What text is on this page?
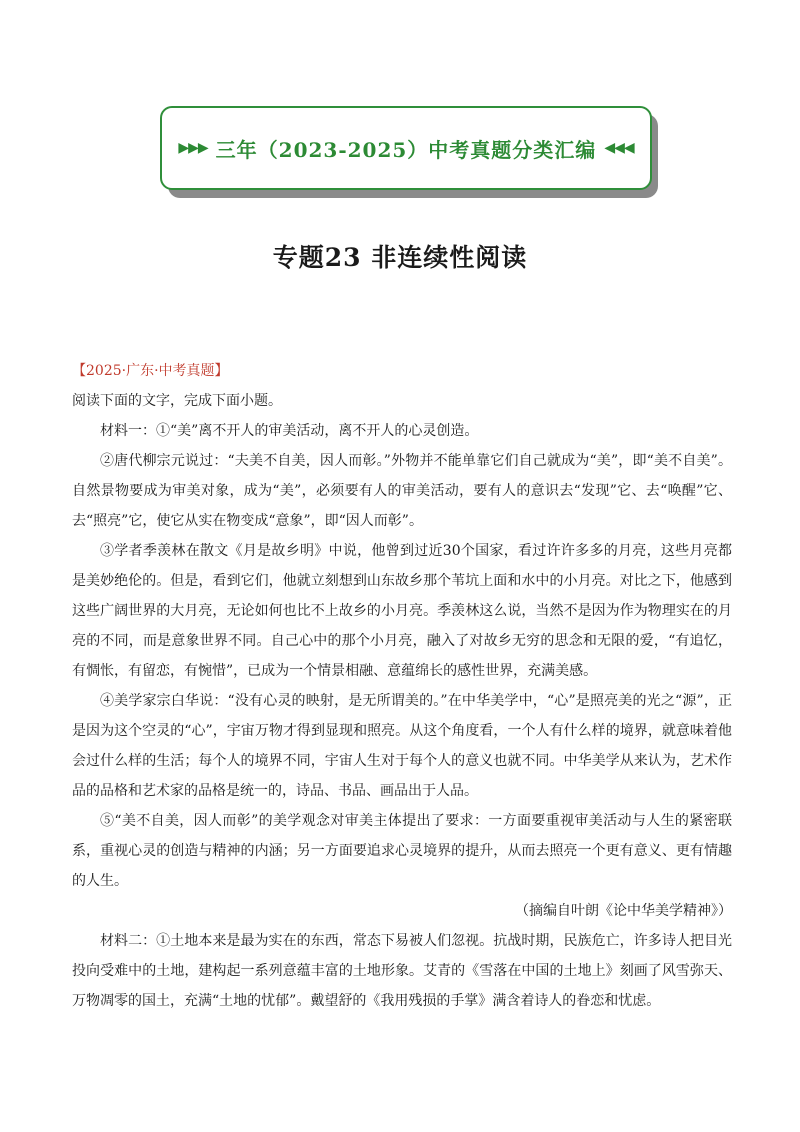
▶▶▶ 三年（2023-2025）中考真题分类汇编 ◀◀◀
专题23 非连续性阅读

【2025·广东·中考真题】

阅读下面的文字，完成下面小题。

材料一：①“美”离不开人的审美活动，离不开人的心灵创造。

②唐代柳宗元说过：“夫美不自美，因人而彰。”外物并不能单靠它们自己就成为“美”，即“美不自美”。自然景物要成为审美对象，成为“美”，必须要有人的审美活动，要有人的意识去“发现”它、去“唤醒”它、去“照亮”它，使它从实在物变成“意象”，即“因人而彰”。

③学者季羡林在散文《月是故乡明》中说，他曾到过近30个国家，看过许许多多的月亮，这些月亮都是美妙绝伦的。但是，看到它们，他就立刻想到山东故乡那个苇坑上面和水中的小月亮。对比之下，他感到这些广阔世界的大月亮，无论如何也比不上故乡的小月亮。季羡林这么说，当然不是因为作为物理实在的月亮的不同，而是意象世界不同。自己心中的那个小月亮，融入了对故乡无穷的思念和无限的爱，“有追忆，有惆怅，有留恋，有惋惜”，已成为一个情景相融、意蕴绵长的感性世界，充满美感。

④美学家宗白华说：“没有心灵的映射，是无所谓美的。”在中华美学中，“心”是照亮美的光之“源”，正是因为这个空灵的“心”，宇宙万物才得到显现和照亮。从这个角度看，一个人有什么样的境界，就意味着他会过什么样的生活；每个人的境界不同，宇宙人生对于每个人的意义也就不同。中华美学从来认为，艺术作品的品格和艺术家的品格是统一的，诗品、书品、画品出于人品。

⑤“美不自美，因人而彰”的美学观念对审美主体提出了要求：一方面要重视审美活动与人生的紧密联系，重视心灵的创造与精神的内涵；另一方面要追求心灵境界的提升，从而去照亮一个更有意义、更有情趣的人生。

（摘编自叶朗《论中华美学精神》）

材料二：①土地本来是最为实在的东西，常态下易被人们忽视。抗战时期，民族危亡，许多诗人把目光投向受难中的土地，建构起一系列意蕴丰富的土地形象。艾青的《雪落在中国的土地上》刻画了风雪弥天、万物凋零的国土，充满“土地的忧郁”。戴望舒的《我用残损的手掌》满含着诗人的眷恋和忧虑。
